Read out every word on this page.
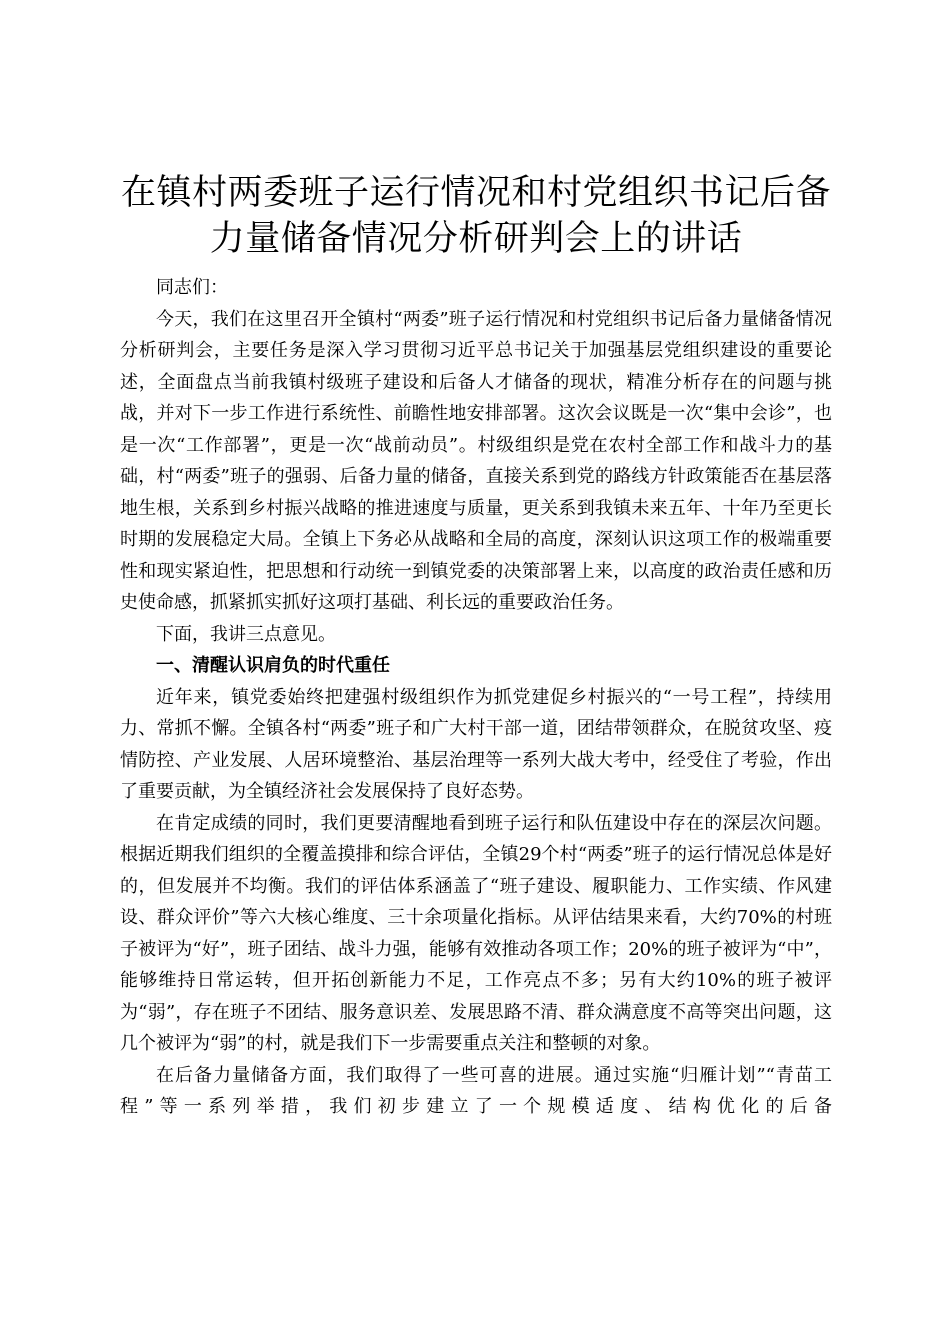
在镇村两委班子运行情况和村党组织书记后备
力量储备情况分析研判会上的讲话

同志们：

今天，我们在这里召开全镇村“两委”班子运行情况和村党组织书记后备力量储备情况分析研判会，主要任务是深入学习贯彻习近平总书记关于加强基层党组织建设的重要论述，全面盘点当前我镇村级班子建设和后备人才储备的现状，精准分析存在的问题与挑战，并对下一步工作进行系统性、前瞻性地安排部署。这次会议既是一次“集中会诊”，也是一次“工作部署”，更是一次“战前动员”。村级组织是党在农村全部工作和战斗力的基础，村“两委”班子的强弱、后备力量的储备，直接关系到党的路线方针政策能否在基层落地生根，关系到乡村振兴战略的推进速度与质量，更关系到我镇未来五年、十年乃至更长时期的发展稳定大局。全镇上下务必从战略和全局的高度，深刻认识这项工作的极端重要性和现实紧迫性，把思想和行动统一到镇党委的决策部署上来，以高度的政治责任感和历史使命感，抓紧抓实抓好这项打基础、利长远的重要政治任务。

下面，我讲三点意见。

一、清醒认识肩负的时代重任

近年来，镇党委始终把建强村级组织作为抓党建促乡村振兴的“一号工程”，持续用力、常抓不懈。全镇各村“两委”班子和广大村干部一道，团结带领群众，在脱贫攻坚、疫情防控、产业发展、人居环境整治、基层治理等一系列大战大考中，经受住了考验，作出了重要贡献，为全镇经济社会发展保持了良好态势。

在肯定成绩的同时，我们更要清醒地看到班子运行和队伍建设中存在的深层次问题。根据近期我们组织的全覆盖摸排和综合评估，全镇29个村“两委”班子的运行情况总体是好的，但发展并不均衡。我们的评估体系涵盖了“班子建设、履职能力、工作实绩、作风建设、群众评价”等六大核心维度、三十余项量化指标。从评估结果来看，大约70%的村班子被评为“好”，班子团结、战斗力强，能够有效推动各项工作；20%的班子被评为“中”，能够维持日常运转，但开拓创新能力不足，工作亮点不多；另有大约10%的班子被评为“弱”，存在班子不团结、服务意识差、发展思路不清、群众满意度不高等突出问题，这几个被评为“弱”的村，就是我们下一步需要重点关注和整顿的对象。

在后备力量储备方面，我们取得了一些可喜的进展。通过实施“归雁计划”“青苗工程”等一系列举措，我们初步建立了一个规模适度、结构优化的后备
